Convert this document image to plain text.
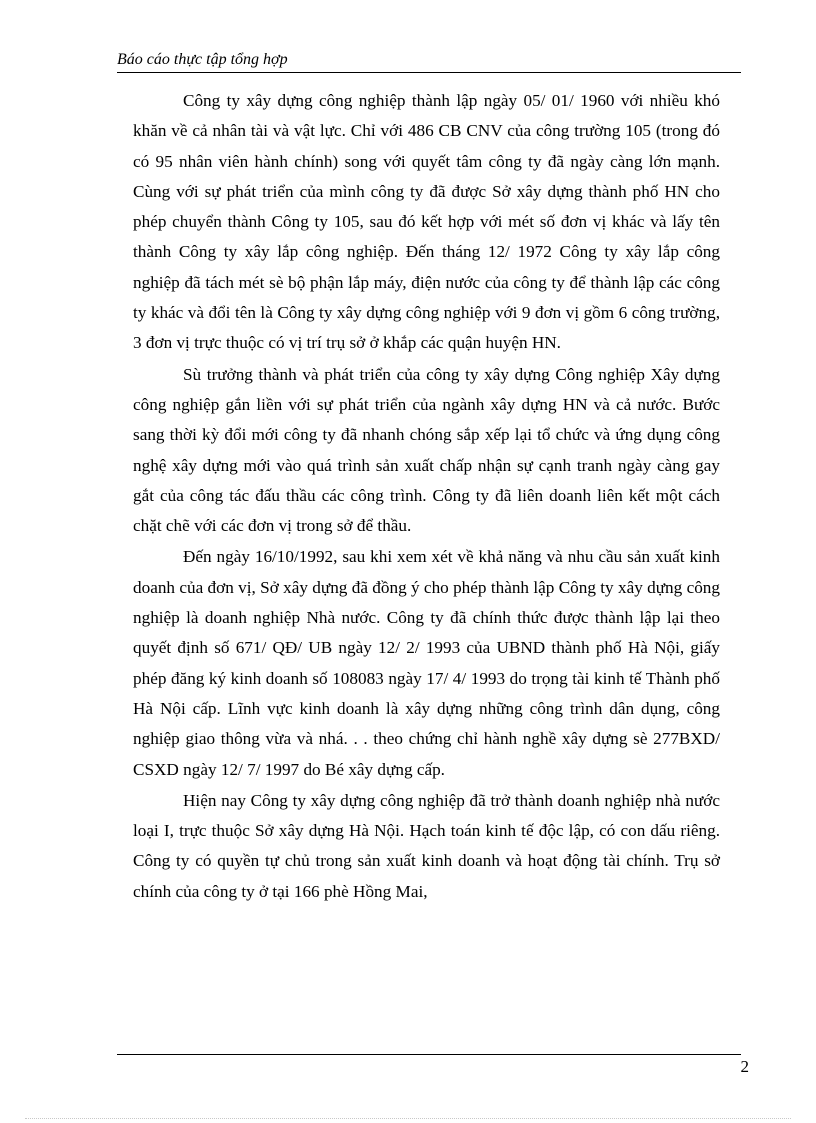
Báo cáo thực tập tổng hợp

Công ty xây dựng công nghiệp thành lập ngày 05/ 01/ 1960 với nhiều khó khăn về cả nhân tài và vật lực. Chỉ với 486 CB CNV của công trường 105 (trong đó có 95 nhân viên hành chính) song với quyết tâm công ty đã ngày càng lớn mạnh. Cùng với sự phát triển của mình công ty đã được Sở xây dựng thành phố HN cho phép chuyển thành Công ty 105, sau đó kết hợp với mét số đơn vị khác và lấy tên thành Công ty xây lắp công nghiệp. Đến tháng 12/ 1972 Công ty xây lắp công nghiệp đã tách mét sè bộ phận lắp máy, điện nước của công ty để thành lập các công ty khác và đổi tên là Công ty xây dựng công nghiệp với 9 đơn vị gồm 6 công trường, 3 đơn vị trực thuộc có vị trí trụ sở ở khắp các quận huyện HN.

Sù trưởng thành và phát triển của công ty xây dựng Công nghiệp Xây dựng công nghiệp gắn liền với sự phát triển của ngành xây dựng HN và cả nước. Bước sang thời kỳ đổi mới công ty đã nhanh chóng sắp xếp lại tổ chức và ứng dụng công nghệ xây dựng mới vào quá trình sản xuất chấp nhận sự cạnh tranh ngày càng gay gắt của công tác đấu thầu các công trình. Công ty đã liên doanh liên kết một cách chặt chẽ với các đơn vị trong sở để thầu.

Đến ngày 16/10/1992, sau khi xem xét về khả năng và nhu cầu sản xuất kinh doanh của đơn vị, Sở xây dựng đã đồng ý cho phép thành lập Công ty xây dựng công nghiệp là doanh nghiệp Nhà nước. Công ty đã chính thức được thành lập lại theo quyết định số 671/ QĐ/ UB ngày 12/ 2/ 1993 của UBND thành phố Hà Nội, giấy phép đăng ký kinh doanh số 108083 ngày 17/ 4/ 1993 do trọng tài kinh tế Thành phố Hà Nội cấp. Lĩnh vực kinh doanh là xây dựng những công trình dân dụng, công nghiệp giao thông vừa và nhá. . . theo chứng chỉ hành nghề xây dựng sè 277BXD/ CSXD ngày 12/ 7/ 1997 do Bé xây dựng cấp.

Hiện nay Công ty xây dựng công nghiệp đã trở thành doanh nghiệp nhà nước loại I, trực thuộc Sở xây dựng Hà Nội. Hạch toán kinh tế độc lập, có con dấu riêng. Công ty có quyền tự chủ trong sản xuất kinh doanh và hoạt động tài chính. Trụ sở chính của công ty ở tại 166 phè Hồng Mai,

2
